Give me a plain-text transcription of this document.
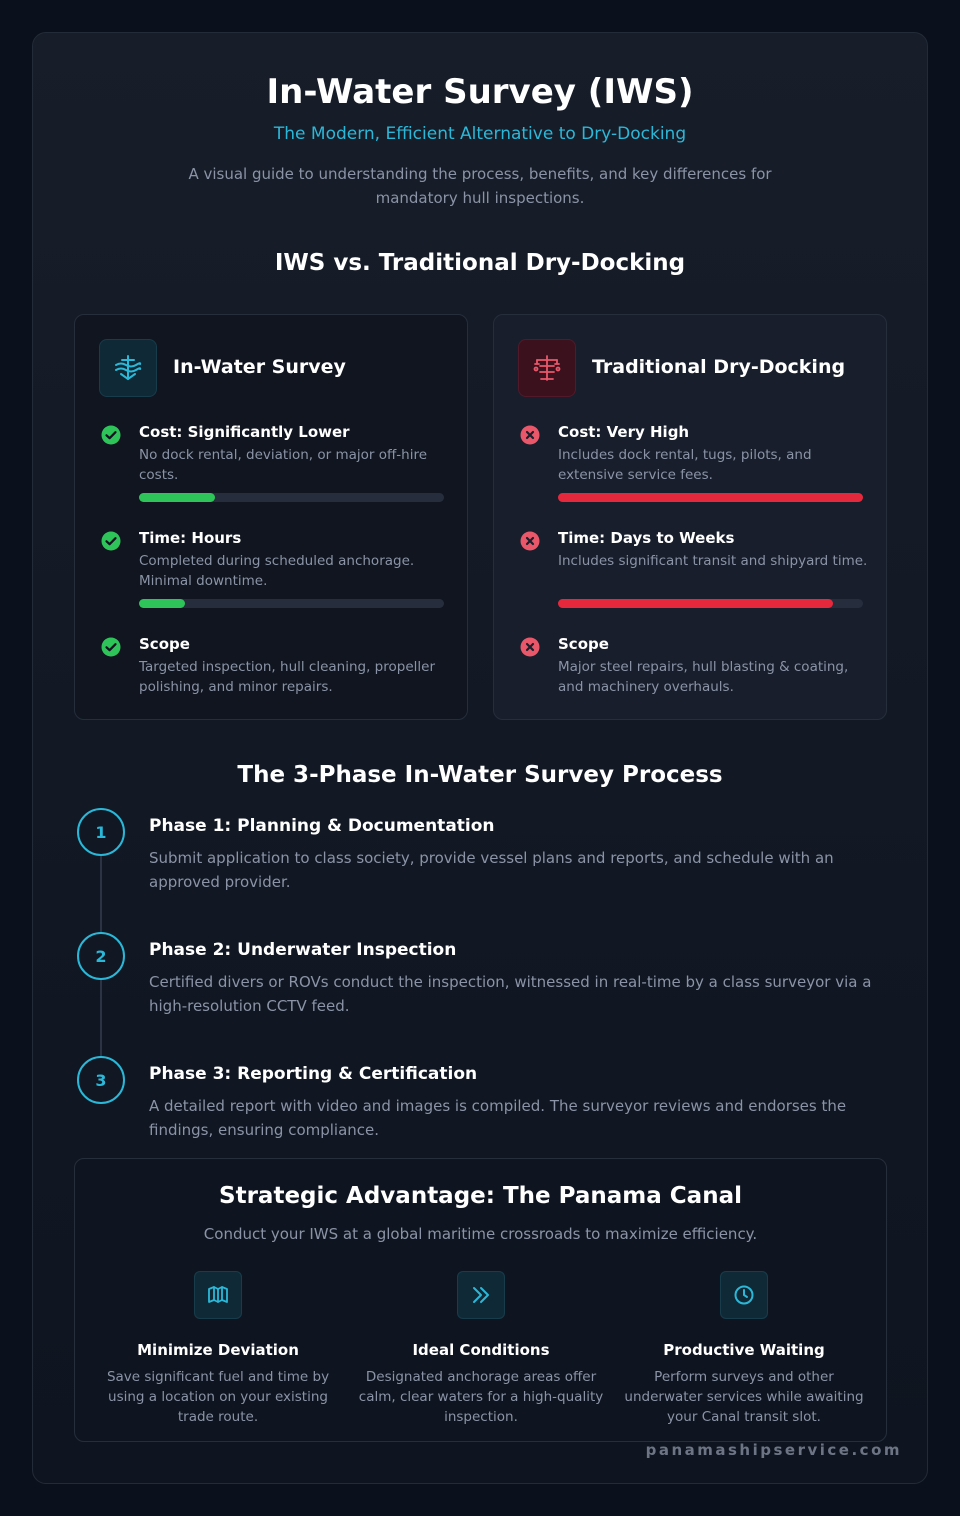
In-Water Survey (IWS)
The Modern, Efficient Alternative to Dry-Docking
A visual guide to understanding the process, benefits, and key differences for mandatory hull inspections.
IWS vs. Traditional Dry-Docking
In-Water Survey
Cost: Significantly Lower
No dock rental, deviation, or major off-hire costs.
Time: Hours
Completed during scheduled anchorage. Minimal downtime.
Scope
Targeted inspection, hull cleaning, propeller polishing, and minor repairs.
Traditional Dry-Docking
Cost: Very High
Includes dock rental, tugs, pilots, and extensive service fees.
Time: Days to Weeks
Includes significant transit and shipyard time.
Scope
Major steel repairs, hull blasting & coating, and machinery overhauls.
The 3-Phase In-Water Survey Process
1	Phase 1: Planning & Documentation
Submit application to class society, provide vessel plans and reports, and schedule with an approved provider.
2	Phase 2: Underwater Inspection
Certified divers or ROVs conduct the inspection, witnessed in real-time by a class surveyor via a high-resolution CCTV feed.
3	Phase 3: Reporting & Certification
A detailed report with video and images is compiled. The surveyor reviews and endorses the findings, ensuring compliance.
Strategic Advantage: The Panama Canal
Conduct your IWS at a global maritime crossroads to maximize efficiency.
Minimize Deviation
Save significant fuel and time by using a location on your existing trade route.
Ideal Conditions
Designated anchorage areas offer calm, clear waters for a high-quality inspection.
Productive Waiting
Perform surveys and other underwater services while awaiting your Canal transit slot.
panamashipservice.com
